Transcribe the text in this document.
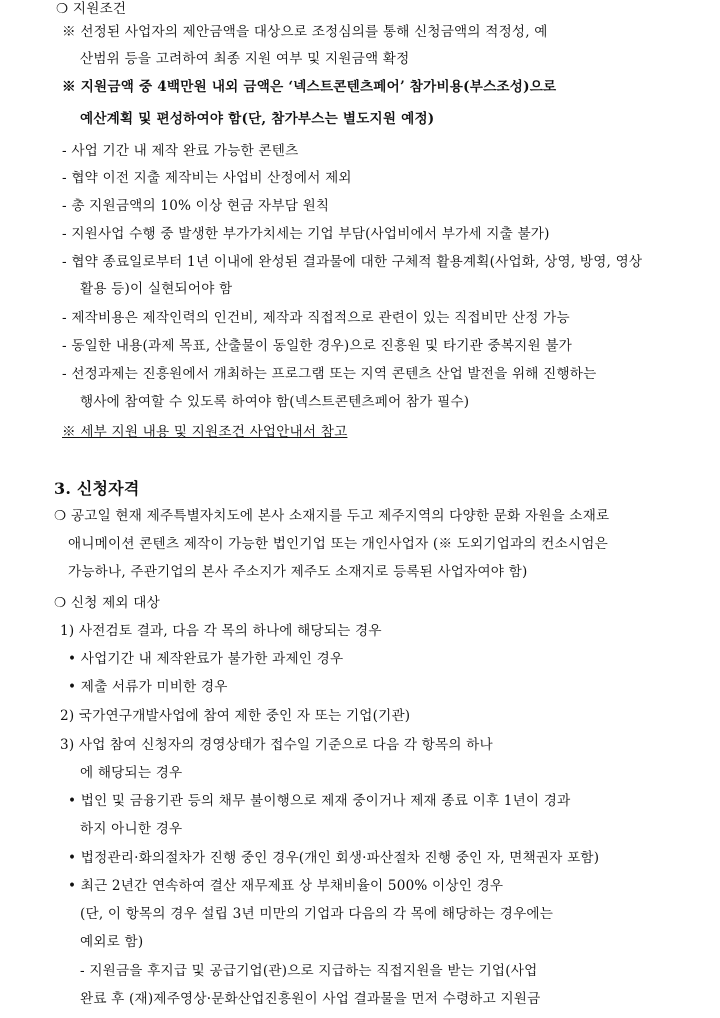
❍ 지원조건
※ 선정된 사업자의 제안금액을 대상으로 조정심의를 통해 신청금액의 적정성, 예
산범위 등을 고려하여 최종 지원 여부 및 지원금액 확정
※ 지원금액 중 4백만원 내외 금액은 ‘넥스트콘텐츠페어’ 참가비용(부스조성)으로
예산계획 및 편성하여야 함(단, 참가부스는 별도지원 예정)
- 사업 기간 내 제작 완료 가능한 콘텐츠
- 협약 이전 지출 제작비는 사업비 산정에서 제외
- 총 지원금액의 10% 이상 현금 자부담 원칙
- 지원사업 수행 중 발생한 부가가치세는 기업 부담(사업비에서 부가세 지출 불가)
- 협약 종료일로부터 1년 이내에 완성된 결과물에 대한 구체적 활용계획(사업화, 상영, 방영, 영상
활용 등)이 실현되어야 함
- 제작비용은 제작인력의 인건비, 제작과 직접적으로 관련이 있는 직접비만 산정 가능
- 동일한 내용(과제 목표, 산출물이 동일한 경우)으로 진흥원 및 타기관 중복지원 불가
- 선정과제는 진흥원에서 개최하는 프로그램 또는 지역 콘텐츠 산업 발전을 위해 진행하는
행사에 참여할 수 있도록 하여야 함(넥스트콘텐츠페어 참가 필수)
※ 세부 지원 내용 및 지원조건 사업안내서 참고
3. 신청자격
❍ 공고일 현재 제주특별자치도에 본사 소재지를 두고 제주지역의 다양한 문화 자원을 소재로
애니메이션 콘텐츠 제작이 가능한 법인기업 또는 개인사업자 (※ 도외기업과의 컨소시엄은
가능하나, 주관기업의 본사 주소지가 제주도 소재지로 등록된 사업자여야 함)
❍ 신청 제외 대상
1) 사전검토 결과, 다음 각 목의 하나에 해당되는 경우
• 사업기간 내 제작완료가 불가한 과제인 경우
• 제출 서류가 미비한 경우
2) 국가연구개발사업에 참여 제한 중인 자 또는 기업(기관)
3) 사업 참여 신청자의 경영상태가 접수일 기준으로 다음 각 항목의 하나
에 해당되는 경우
• 법인 및 금융기관 등의 채무 불이행으로 제재 중이거나 제재 종료 이후 1년이 경과
하지 아니한 경우
• 법정관리·화의절차가 진행 중인 경우(개인 회생·파산절차 진행 중인 자, 면책권자 포함)
• 최근 2년간 연속하여 결산 재무제표 상 부채비율이 500% 이상인 경우
(단, 이 항목의 경우 설립 3년 미만의 기업과 다음의 각 목에 해당하는 경우에는
예외로 함)
- 지원금을 후지급 및 공급기업(관)으로 지급하는 직접지원을 받는 기업(사업
완료 후 (재)제주영상·문화산업진흥원이 사업 결과물을 먼저 수령하고 지원금
